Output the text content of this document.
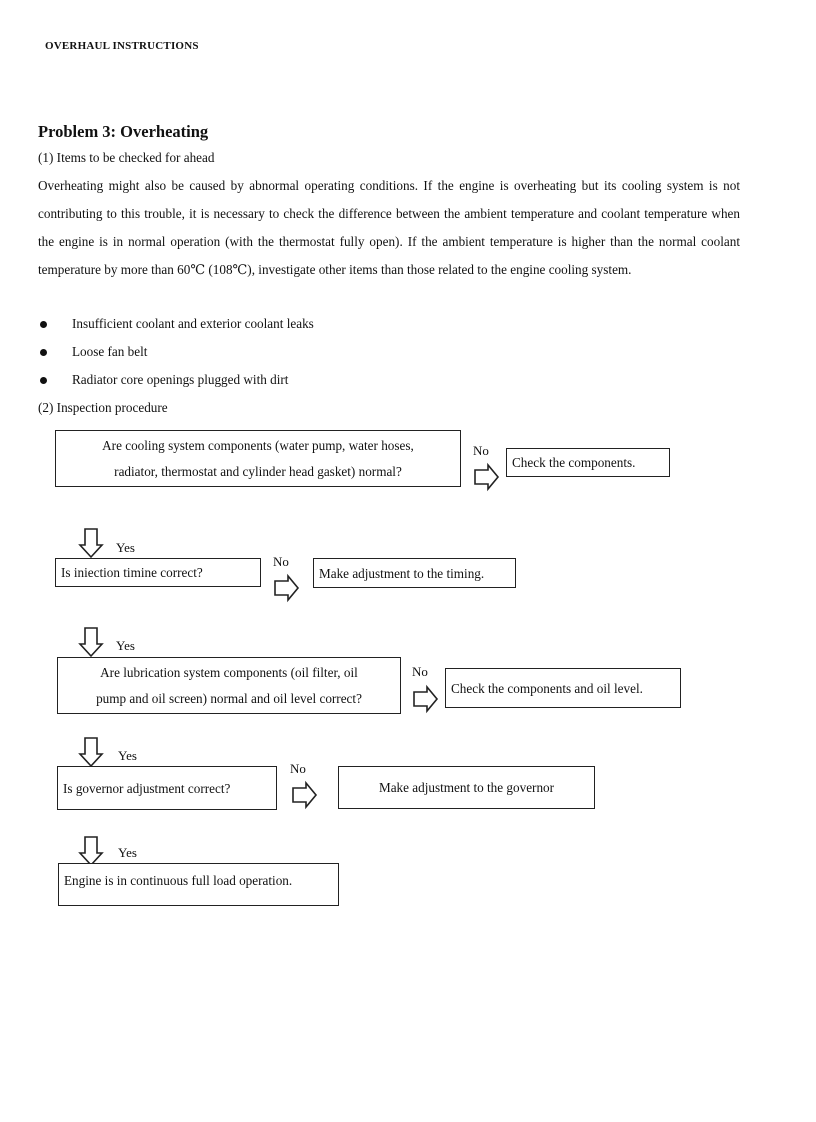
OVERHAUL INSTRUCTIONS
Problem 3: Overheating
(1) Items to be checked for ahead
Overheating might also be caused by abnormal operating conditions. If the engine is overheating but its cooling system is not contributing to this trouble, it is necessary to check the difference between the ambient temperature and coolant temperature when the engine is in normal operation (with the thermostat fully open). If the ambient temperature is higher than the normal coolant temperature by more than 60℃ (108℃), investigate other items than those related to the engine cooling system.
Insufficient coolant and exterior coolant leaks
Loose fan belt
Radiator core openings plugged with dirt
(2) Inspection procedure
Are cooling system components (water pump, water hoses,
radiator, thermostat and cylinder head gasket) normal?
No
Check the components.
Yes
Is iniection timine correct?
No
Make adjustment to the timing.
Yes
Are lubrication system components (oil filter, oil
pump and oil screen) normal and oil level correct?
No
Check the components and oil level.
Yes
Is governor adjustment correct?
No
Make adjustment to the governor
Yes
Engine is in continuous full load operation.
